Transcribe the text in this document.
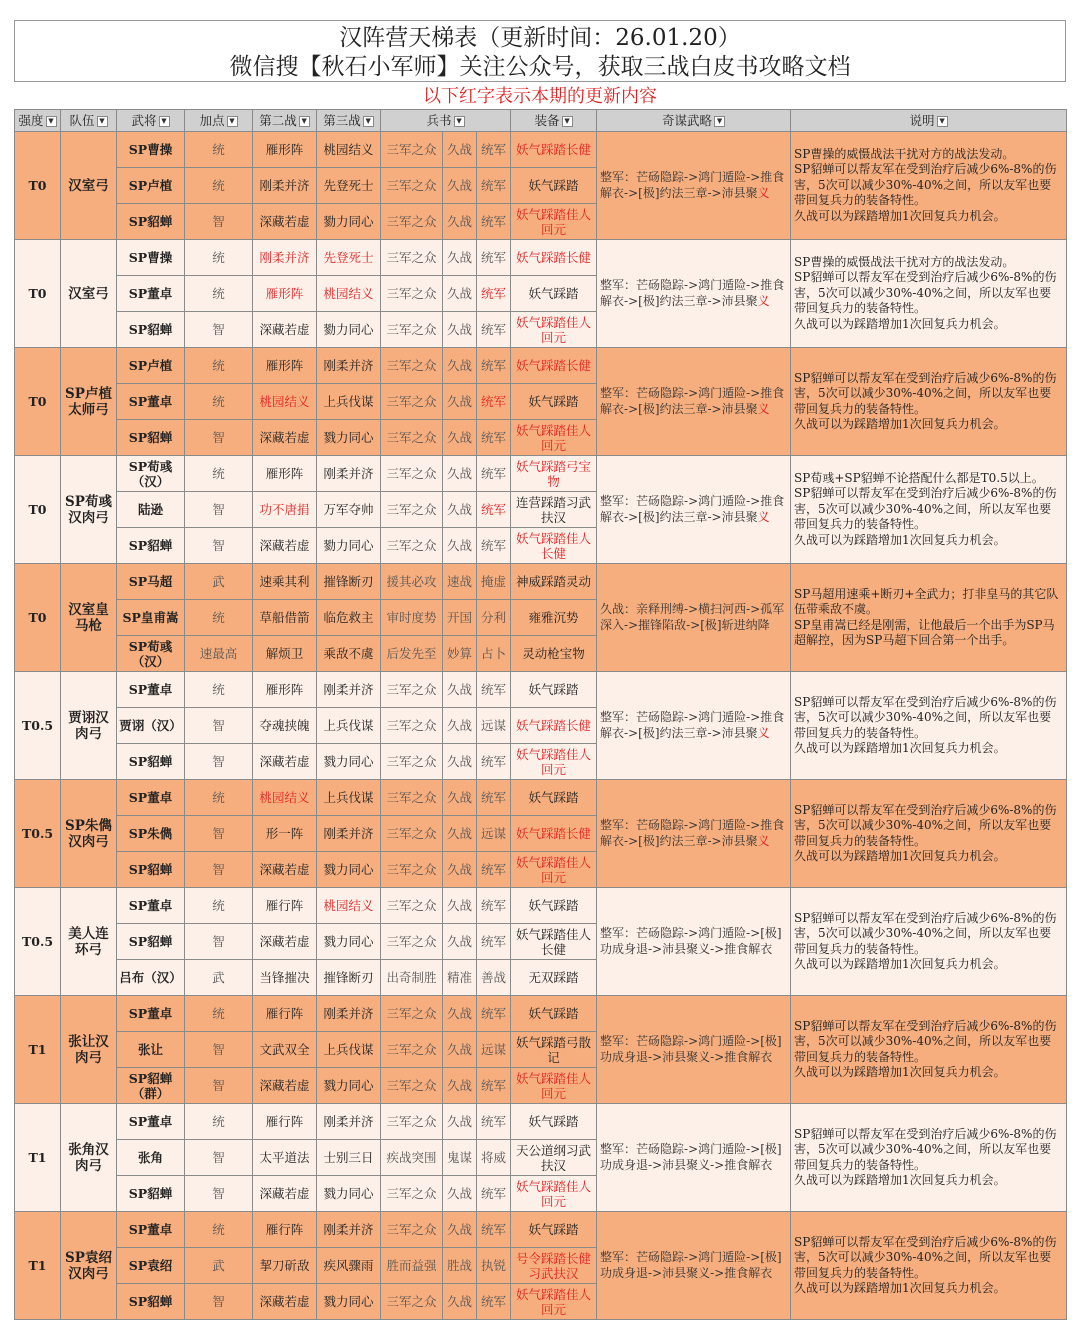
汉阵营天梯表（更新时间：26.01.20）
微信搜【秋石小军师】关注公众号，获取三战白皮书攻略文档
以下红字表示本期的更新内容
强度 ▼	队伍 ▼	武将 ▼	加点 ▼	第二战 ▼	第三战 ▼	兵书 ▼			装备 ▼	奇谋武略 ▼	说明 ▼
T0	汉室弓	SP曹操	统	雁形阵	桃园结义	三军之众	久战	统军	妖气踩踏长健	整军：芒砀隐踪->鸿门遁险->推食解衣->[极]约法三章->沛县聚义	SP曹操的威慑战法干扰对方的战法发动。
SP貂蝉可以帮友军在受到治疗后减少6%-8%的伤害，5次可以减少30%-40%之间，所以友军也要带回复兵力的装备特性。
久战可以为踩踏增加1次回复兵力机会。
		SP卢植	统	刚柔并济	先登死士	三军之众	久战	统军	妖气踩踏		
		SP貂蝉	智	深藏若虚	勠力同心	三军之众	久战	统军	妖气踩踏佳人回元		
T0	汉室弓	SP曹操	统	刚柔并济	先登死士	三军之众	久战	统军	妖气踩踏长健	整军：芒砀隐踪->鸿门遁险->推食解衣->[极]约法三章->沛县聚义	SP曹操的威慑战法干扰对方的战法发动。
SP貂蝉可以帮友军在受到治疗后减少6%-8%的伤害，5次可以减少30%-40%之间，所以友军也要带回复兵力的装备特性。
久战可以为踩踏增加1次回复兵力机会。
		SP董卓	统	雁形阵	桃园结义	三军之众	久战	统军	妖气踩踏		
		SP貂蝉	智	深藏若虚	勠力同心	三军之众	久战	统军	妖气踩踏佳人回元		
T0	SP卢植太师弓	SP卢植	统	雁形阵	刚柔并济	三军之众	久战	统军	妖气踩踏长健	整军：芒砀隐踪->鸿门遁险->推食解衣->[极]约法三章->沛县聚义	SP貂蝉可以帮友军在受到治疗后减少6%-8%的伤害，5次可以减少30%-40%之间，所以友军也要带回复兵力的装备特性。
久战可以为踩踏增加1次回复兵力机会。
		SP董卓	统	桃园结义	上兵伐谋	三军之众	久战	统军	妖气踩踏		
		SP貂蝉	智	深藏若虚	戮力同心	三军之众	久战	统军	妖气踩踏佳人回元		
T0	SP荀彧汉肉弓	SP荀彧（汉）	统	雁形阵	刚柔并济	三军之众	久战	统军	妖气踩踏弓宝物	整军：芒砀隐踪->鸿门遁险->推食解衣->[极]约法三章->沛县聚义	SP荀彧+SP貂蝉不论搭配什么都是T0.5以上。
SP貂蝉可以帮友军在受到治疗后减少6%-8%的伤害，5次可以减少30%-40%之间，所以友军也要带回复兵力的装备特性。
久战可以为踩踏增加1次回复兵力机会。
		陆逊	智	功不唐捐	万军夺帅	三军之众	久战	统军	连营踩踏习武扶汉		
		SP貂蝉	智	深藏若虚	勠力同心	三军之众	久战	统军	妖气踩踏佳人长健		
T0	汉室皇马枪	SP马超	武	速乘其利	摧锋断刃	援其必攻	速战	掩虚	神威踩踏灵动	久战：亲释刑缚->横扫河西->孤军深入->摧锋陷敌->[极]斩进纳降	SP马超用速乘+断刃+全武力；打非皇马的其它队伍带乘敌不虞。
SP皇甫嵩已经是刚需，让他最后一个出手为SP马超解控，因为SP马超下回合第一个出手。
		SP皇甫嵩	统	草船借箭	临危救主	审时度势	开国	分利	雍雅沉势		
		SP荀彧（汉）	速最高	解烦卫	乘敌不虞	后发先至	妙算	占卜	灵动枪宝物		
T0.5	贾诩汉肉弓	SP董卓	统	雁形阵	刚柔并济	三军之众	久战	统军	妖气踩踏	整军：芒砀隐踪->鸿门遁险->推食解衣->[极]约法三章->沛县聚义	SP貂蝉可以帮友军在受到治疗后减少6%-8%的伤害，5次可以减少30%-40%之间，所以友军也要带回复兵力的装备特性。
久战可以为踩踏增加1次回复兵力机会。
		贾诩（汉）	智	夺魂挟魄	上兵伐谋	三军之众	久战	远谋	妖气踩踏长健		
		SP貂蝉	智	深藏若虚	戮力同心	三军之众	久战	统军	妖气踩踏佳人回元		
T0.5	SP朱儁汉肉弓	SP董卓	统	桃园结义	上兵伐谋	三军之众	久战	统军	妖气踩踏	整军：芒砀隐踪->鸿门遁险->推食解衣->[极]约法三章->沛县聚义	SP貂蝉可以帮友军在受到治疗后减少6%-8%的伤害，5次可以减少30%-40%之间，所以友军也要带回复兵力的装备特性。
久战可以为踩踏增加1次回复兵力机会。
		SP朱儁	智	形一阵	刚柔并济	三军之众	久战	远谋	妖气踩踏长健		
		SP貂蝉	智	深藏若虚	戮力同心	三军之众	久战	统军	妖气踩踏佳人回元		
T0.5	美人连环弓	SP董卓	统	雁行阵	桃园结义	三军之众	久战	统军	妖气踩踏	整军：芒砀隐踪->鸿门遁险->[极]功成身退->沛县聚义->推食解衣	SP貂蝉可以帮友军在受到治疗后减少6%-8%的伤害，5次可以减少30%-40%之间，所以友军也要带回复兵力的装备特性。
久战可以为踩踏增加1次回复兵力机会。
		SP貂蝉	智	深藏若虚	戮力同心	三军之众	久战	统军	妖气踩踏佳人长健		
		吕布（汉）	武	当锋摧决	摧锋断刃	出奇制胜	精准	善战	无双踩踏		
T1	张让汉肉弓	SP董卓	统	雁行阵	刚柔并济	三军之众	久战	统军	妖气踩踏	整军：芒砀隐踪->鸿门遁险->[极]功成身退->沛县聚义->推食解衣	SP貂蝉可以帮友军在受到治疗后减少6%-8%的伤害，5次可以减少30%-40%之间，所以友军也要带回复兵力的装备特性。
久战可以为踩踏增加1次回复兵力机会。
		张让	智	文武双全	上兵伐谋	三军之众	久战	远谋	妖气踩踏弓散记		
		SP貂蝉（群）	智	深藏若虚	戮力同心	三军之众	久战	统军	妖气踩踏佳人回元		
T1	张角汉肉弓	SP董卓	统	雁行阵	刚柔并济	三军之众	久战	统军	妖气踩踏	整军：芒砀隐踪->鸿门遁险->[极]功成身退->沛县聚义->推食解衣	SP貂蝉可以帮友军在受到治疗后减少6%-8%的伤害，5次可以减少30%-40%之间，所以友军也要带回复兵力的装备特性。
久战可以为踩踏增加1次回复兵力机会。
		张角	智	太平道法	士别三日	疾战突围	鬼谋	将威	天公道纲习武扶汉		
		SP貂蝉	智	深藏若虚	戮力同心	三军之众	久战	统军	妖气踩踏佳人回元		
T1	SP袁绍汉肉弓	SP董卓	统	雁行阵	刚柔并济	三军之众	久战	统军	妖气踩踏	整军：芒砀隐踪->鸿门遁险->[极]功成身退->沛县聚义->推食解衣	SP貂蝉可以帮友军在受到治疗后减少6%-8%的伤害，5次可以减少30%-40%之间，所以友军也要带回复兵力的装备特性。
久战可以为踩踏增加1次回复兵力机会。
		SP袁绍	武	挈刀斫敌	疾风骤雨	胜而益强	胜战	执锐	号令踩踏长健习武扶汉		
		SP貂蝉	智	深藏若虚	戮力同心	三军之众	久战	统军	妖气踩踏佳人回元		
